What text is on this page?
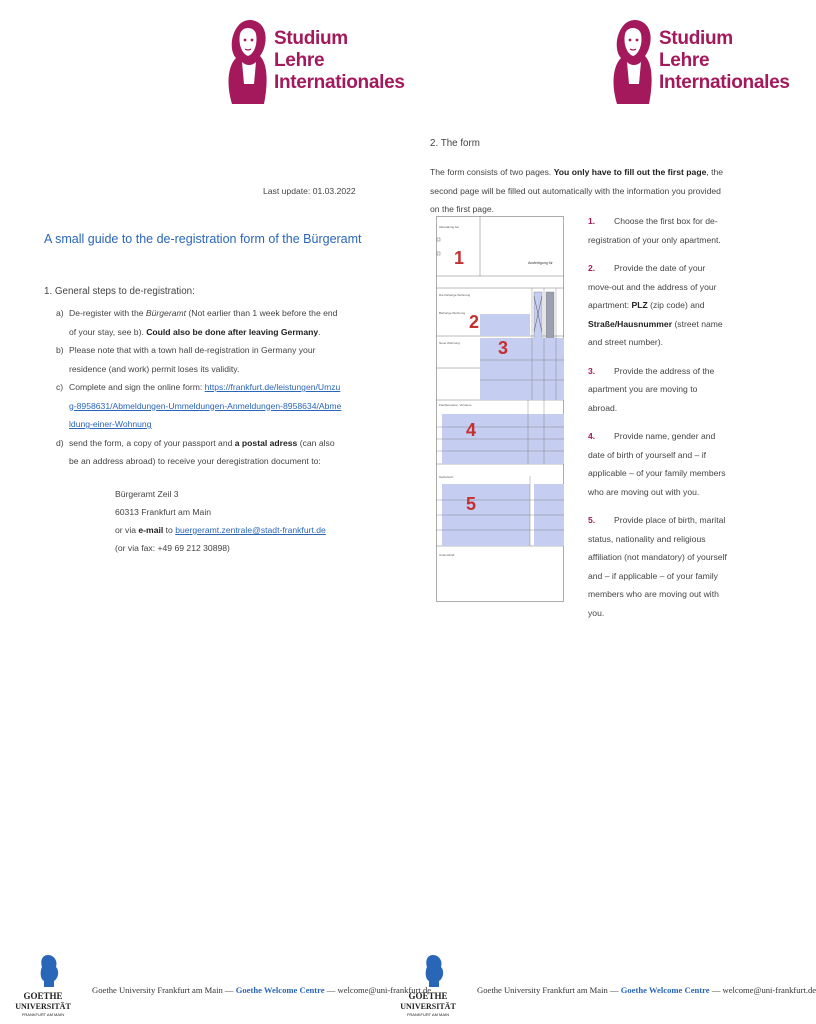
Studium
Lehre
Internationales
Last update: 01.03.2022
A small guide to the de-registration form of the Bürgeramt
1. General steps to de-registration:
a) De-register with the Bürgeramt (Not earlier than 1 week before the end of your stay, see b). Could also be done after leaving Germany.
b) Please note that with a town hall de-registration in Germany your residence (and work) permit loses its validity.
c) Complete and sign the online form: https://frankfurt.de/leistungen/Umzug-8958631/Abmeldungen-Ummeldungen-Anmeldungen-8958634/Abmeldung-einer-Wohnung
d) send the form, a copy of your passport and a postal adress (can also be an address abroad) to receive your deregistration document to:
Bürgeramt Zeil 3
60313 Frankfurt am Main
or via e-mail to buergeramt.zentrale@stadt-frankfurt.de
(or via fax: +49 69 212 30898)
GOETHE
UNIVERSITÄT
FRANKFURT AM MAIN
Goethe University Frankfurt am Main — Goethe Welcome Centre — welcome@uni-frankfurt.de
Studium
Lehre
Internationales
2. The form
The form consists of two pages. You only have to fill out the first page, the second page will be filled out automatically with the information you provided on the first page.
Abmeldung bei
Die bisherige Wohnung
Bisherige Wohnung
Neue Wohnung
Familienname, Vorname
Geburtsort
Unterschrift
Ausfertigung für
1
2
3
4
5
1. Choose the first box for de-registration of your only apartment.
2. Provide the date of your move-out and the address of your apartment: PLZ (zip code) and Straße/Hausnummer (street name and street number).
3. Provide the address of the apartment you are moving to abroad.
4. Provide name, gender and date of birth of yourself and – if applicable – of your family members who are moving out with you.
5. Provide place of birth, marital status, nationality and religious affiliation (not mandatory) of yourself and – if applicable – of your family members who are moving out with you.
GOETHE
UNIVERSITÄT
FRANKFURT AM MAIN
Goethe University Frankfurt am Main — Goethe Welcome Centre — welcome@uni-frankfurt.de
